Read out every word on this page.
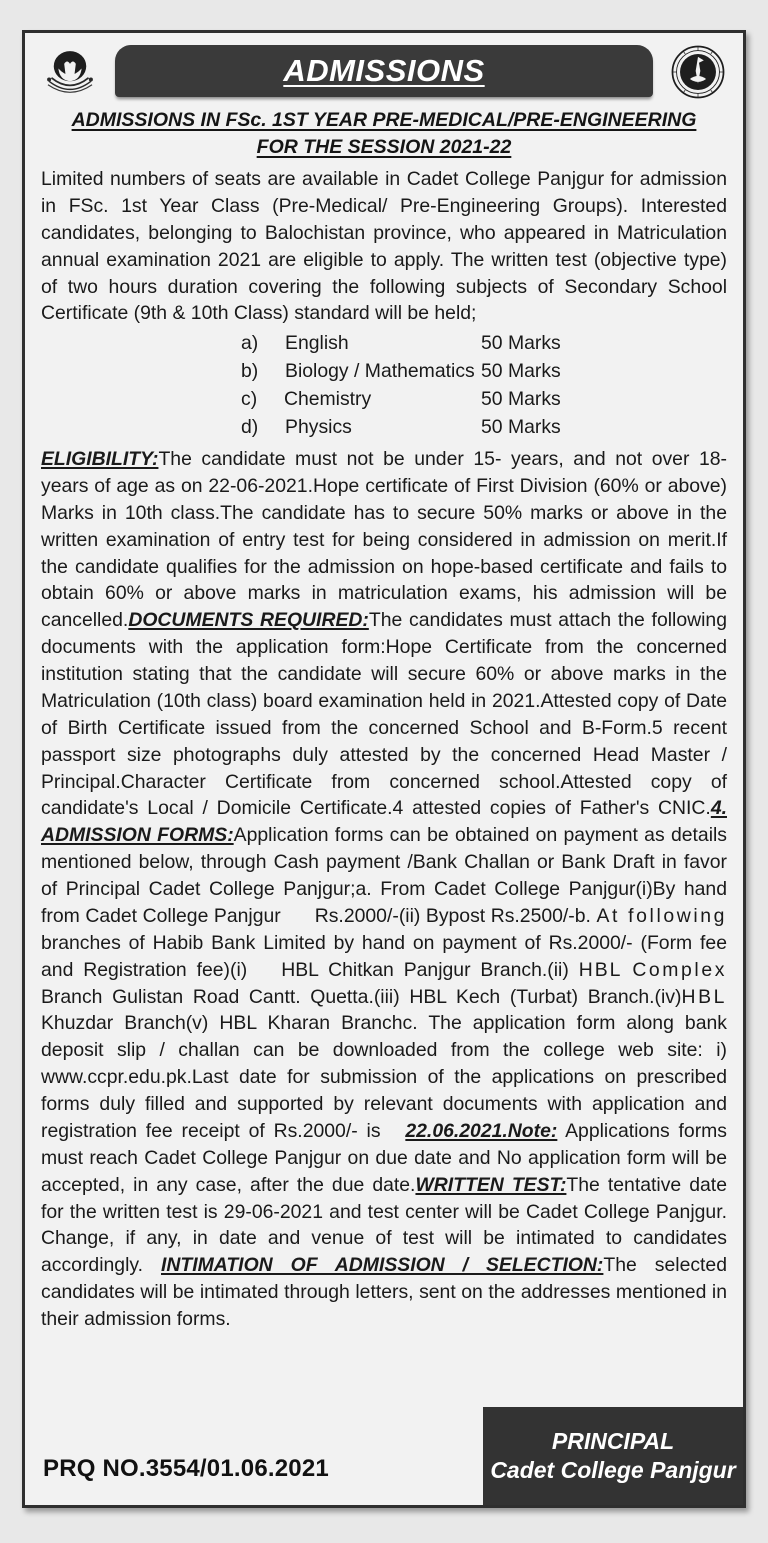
ADMISSIONS
ADMISSIONS IN FSc. 1ST YEAR PRE-MEDICAL/PRE-ENGINEERING
FOR THE SESSION 2021-22

Limited numbers of seats are available in Cadet College Panjgur for admission in FSc. 1st Year Class (Pre-Medical/ Pre-Engineering Groups). Interested candidates, belonging to Balochistan province, who appeared in Matriculation annual examination 2021 are eligible to apply. The written test (objective type) of two hours duration covering the following subjects of Secondary School Certificate (9th & 10th Class) standard will be held;

a) English	50 Marks
b) Biology / Mathematics 50 Marks
c) Chemistry	50 Marks
d) Physics	50 Marks

ELIGIBILITY:The candidate must not be under 15- years, and not over 18-years of age as on 22-06-2021.Hope certificate of First Division (60% or above) Marks in 10th class.The candidate has to secure 50% marks or above in the written examination of entry test for being considered in admission on merit.If the candidate qualifies for the admission on hope-based certificate and fails to obtain 60% or above marks in matriculation exams, his admission will be cancelled.DOCUMENTS REQUIRED:The candidates must attach the following documents with the application form:Hope Certificate from the concerned institution stating that the candidate will secure 60% or above marks in the Matriculation (10th class) board examination held in 2021.Attested copy of Date of Birth Certificate issued from the concerned School and B-Form.5 recent passport size photographs duly attested by the concerned Head Master / Principal.Character Certificate from concerned school.Attested copy of candidate's Local / Domicile Certificate.4 attested copies of Father's CNIC.4. ADMISSION FORMS:Application forms can be obtained on payment as details mentioned below, through Cash payment /Bank Challan or Bank Draft in favor of Principal Cadet College Panjgur;a. From Cadet College Panjgur(i)By hand from Cadet College Panjgur Rs.2000/-(ii) Bypost Rs.2500/-b. At following branches of Habib Bank Limited by hand on payment of Rs.2000/- (Form fee and Registration fee)(i) HBL Chitkan Panjgur Branch.(ii) HBL Complex Branch Gulistan Road Cantt. Quetta.(iii) HBL Kech (Turbat) Branch.(iv)HBL Khuzdar Branch(v) HBL Kharan Branchc. The application form along bank deposit slip / challan can be downloaded from the college web site: i) www.ccpr.edu.pk.Last date for submission of the applications on prescribed forms duly filled and supported by relevant documents with application and registration fee receipt of Rs.2000/- is 22.06.2021.Note: Applications forms must reach Cadet College Panjgur on due date and No application form will be accepted, in any case, after the due date.WRITTEN TEST:The tentative date for the written test is 29-06-2021 and test center will be Cadet College Panjgur. Change, if any, in date and venue of test will be intimated to candidates accordingly. INTIMATION OF ADMISSION / SELECTION:The selected candidates will be intimated through letters, sent on the addresses mentioned in their admission forms.

PRQ NO.3554/01.06.2021
PRINCIPAL
Cadet College Panjgur
